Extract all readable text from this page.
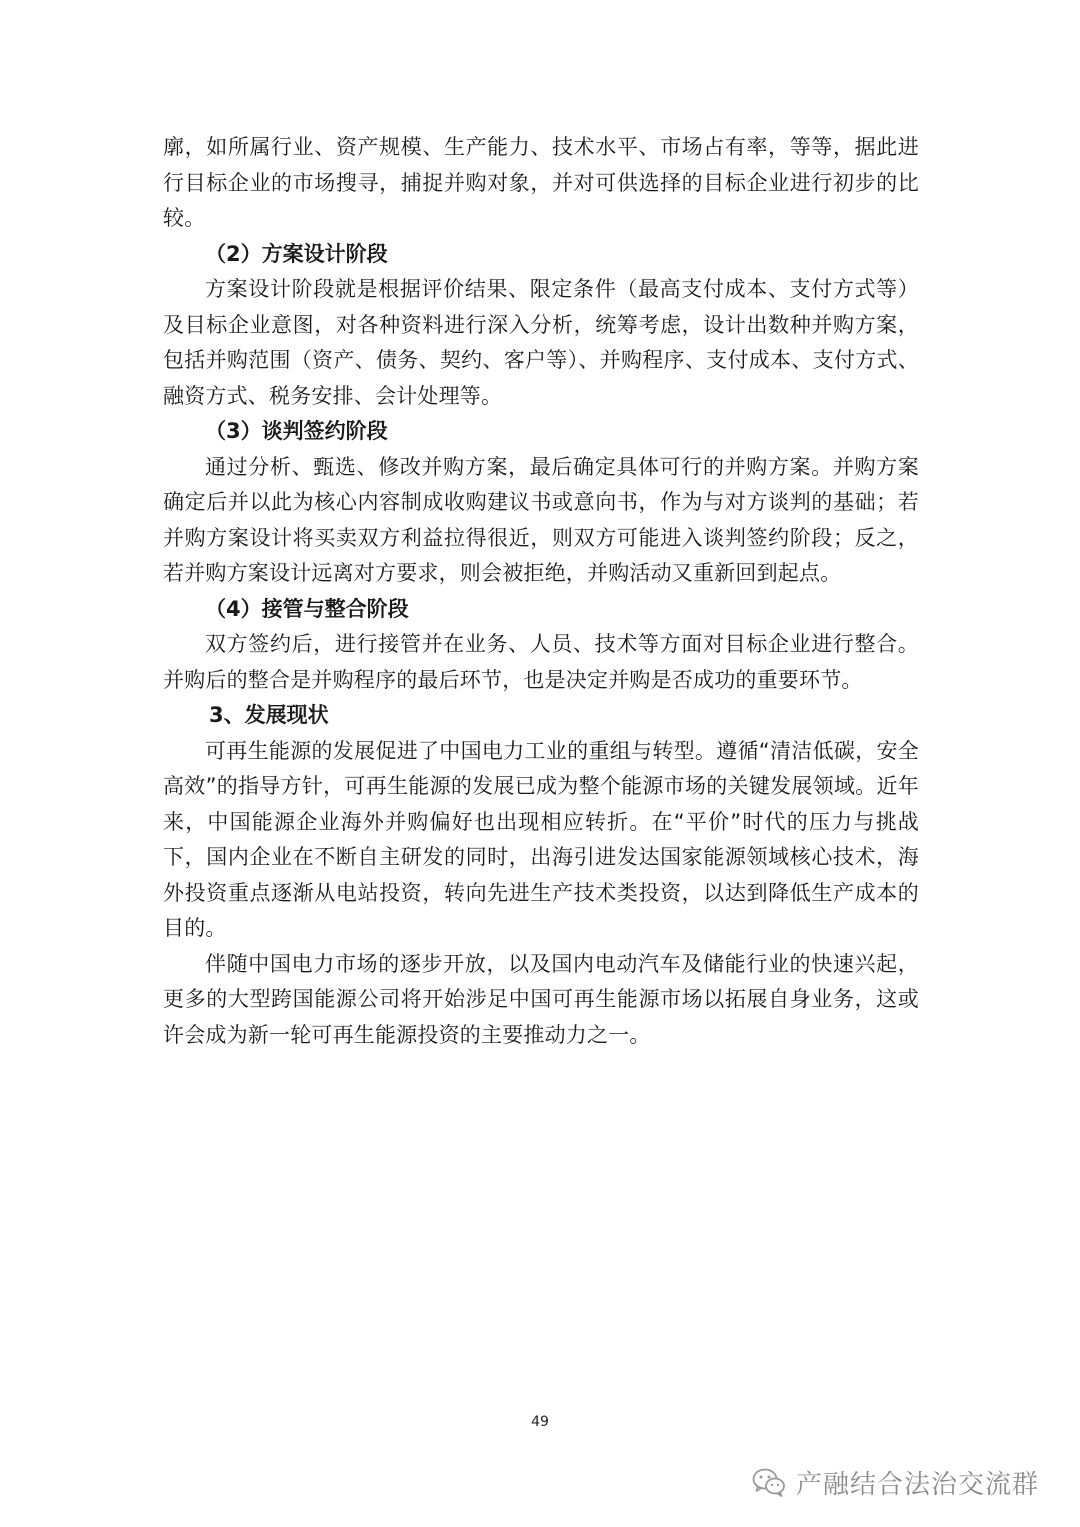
廓，如所属行业、资产规模、生产能力、技术水平、市场占有率，等等，据此进行目标企业的市场搜寻，捕捉并购对象，并对可供选择的目标企业进行初步的比较。

（2）方案设计阶段

方案设计阶段就是根据评价结果、限定条件（最高支付成本、支付方式等）及目标企业意图，对各种资料进行深入分析，统筹考虑，设计出数种并购方案，包括并购范围（资产、债务、契约、客户等）、并购程序、支付成本、支付方式、融资方式、税务安排、会计处理等。

（3）谈判签约阶段

通过分析、甄选、修改并购方案，最后确定具体可行的并购方案。并购方案确定后并以此为核心内容制成收购建议书或意向书，作为与对方谈判的基础；若并购方案设计将买卖双方利益拉得很近，则双方可能进入谈判签约阶段；反之，若并购方案设计远离对方要求，则会被拒绝，并购活动又重新回到起点。

（4）接管与整合阶段

双方签约后，进行接管并在业务、人员、技术等方面对目标企业进行整合。并购后的整合是并购程序的最后环节，也是决定并购是否成功的重要环节。

3、发展现状

可再生能源的发展促进了中国电力工业的重组与转型。遵循“清洁低碳，安全高效”的指导方针，可再生能源的发展已成为整个能源市场的关键发展领域。近年来，中国能源企业海外并购偏好也出现相应转折。在“平价”时代的压力与挑战下，国内企业在不断自主研发的同时，出海引进发达国家能源领域核心技术，海外投资重点逐渐从电站投资，转向先进生产技术类投资，以达到降低生产成本的目的。

伴随中国电力市场的逐步开放，以及国内电动汽车及储能行业的快速兴起，更多的大型跨国能源公司将开始涉足中国可再生能源市场以拓展自身业务，这或许会成为新一轮可再生能源投资的主要推动力之一。

49
产融结合法治交流群
